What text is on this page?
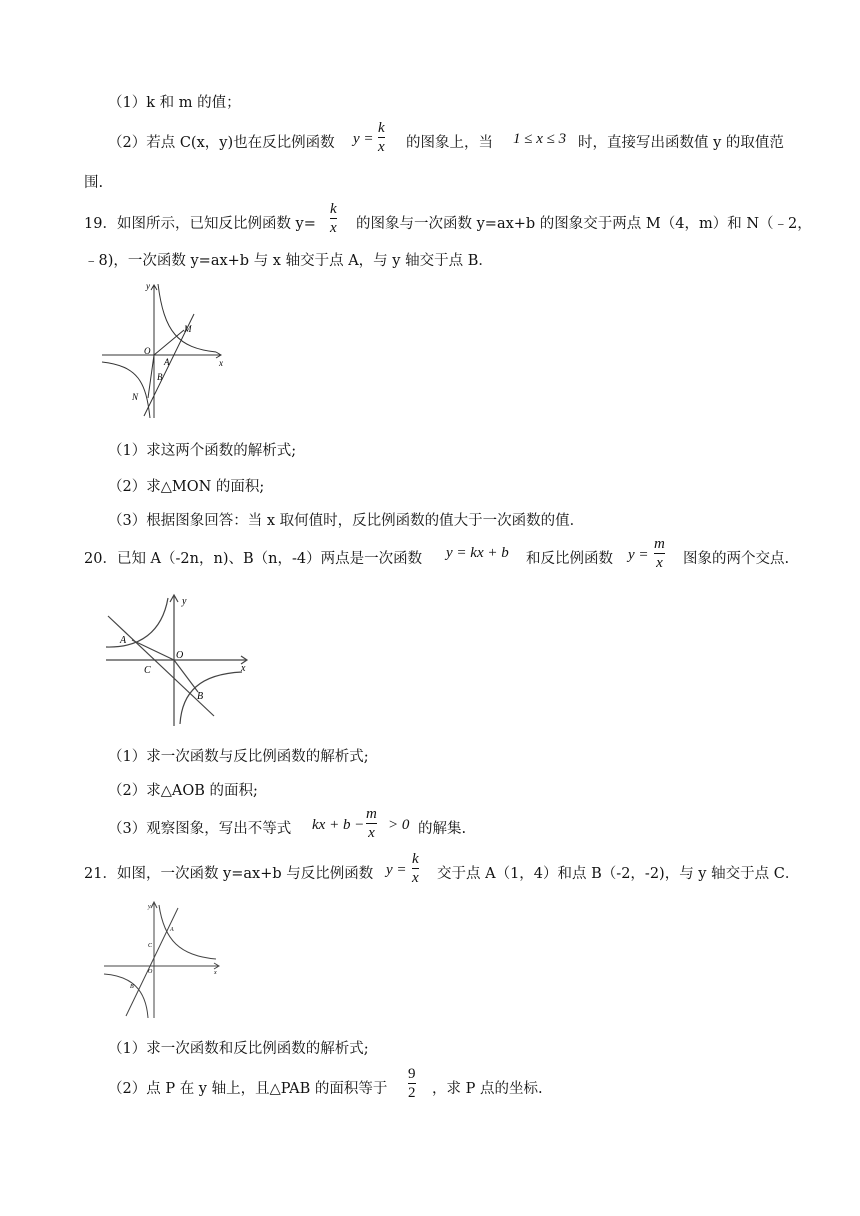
（1）k 和 m 的值；
（2）若点 C(x，y)也在反比例函数 y =
k
x 的图象上，当 1 ≤ x ≤ 3 时，直接写出函数值 y 的取值范
围.
19．如图所示，已知反比例函数 y=
k
x 的图象与一次函数 y=ax+b 的图象交于两点 M（4，m）和 N（﹣2，
﹣8)，一次函数 y=ax+b 与 x 轴交于点 A，与 y 轴交于点 B．
y
x
O
M
A
B
N
（1）求这两个函数的解析式;
（2）求△MON 的面积;
（3）根据图象回答：当 x 取何值时，反比例函数的值大于一次函数的值．
20．已知 A（-2n，n)、B（n，-4）两点是一次函数 y = kx + b 和反比例函数 y =
m
x 图象的两个交点.
y
x
O
A
B
C
（1）求一次函数与反比例函数的解析式;
（2）求△AOB 的面积;
（3）观察图象，写出不等式 kx + b −
m
x > 0 的解集.
21．如图，一次函数 y=ax+b 与反比例函数 y =
k
x 交于点 A（1，4）和点 B（-2，-2)，与 y 轴交于点 C．
y
x
O
A
B
C
（1）求一次函数和反比例函数的解析式;
（2）点 P 在 y 轴上，且△PAB 的面积等于
9
2 ，求 P 点的坐标.
